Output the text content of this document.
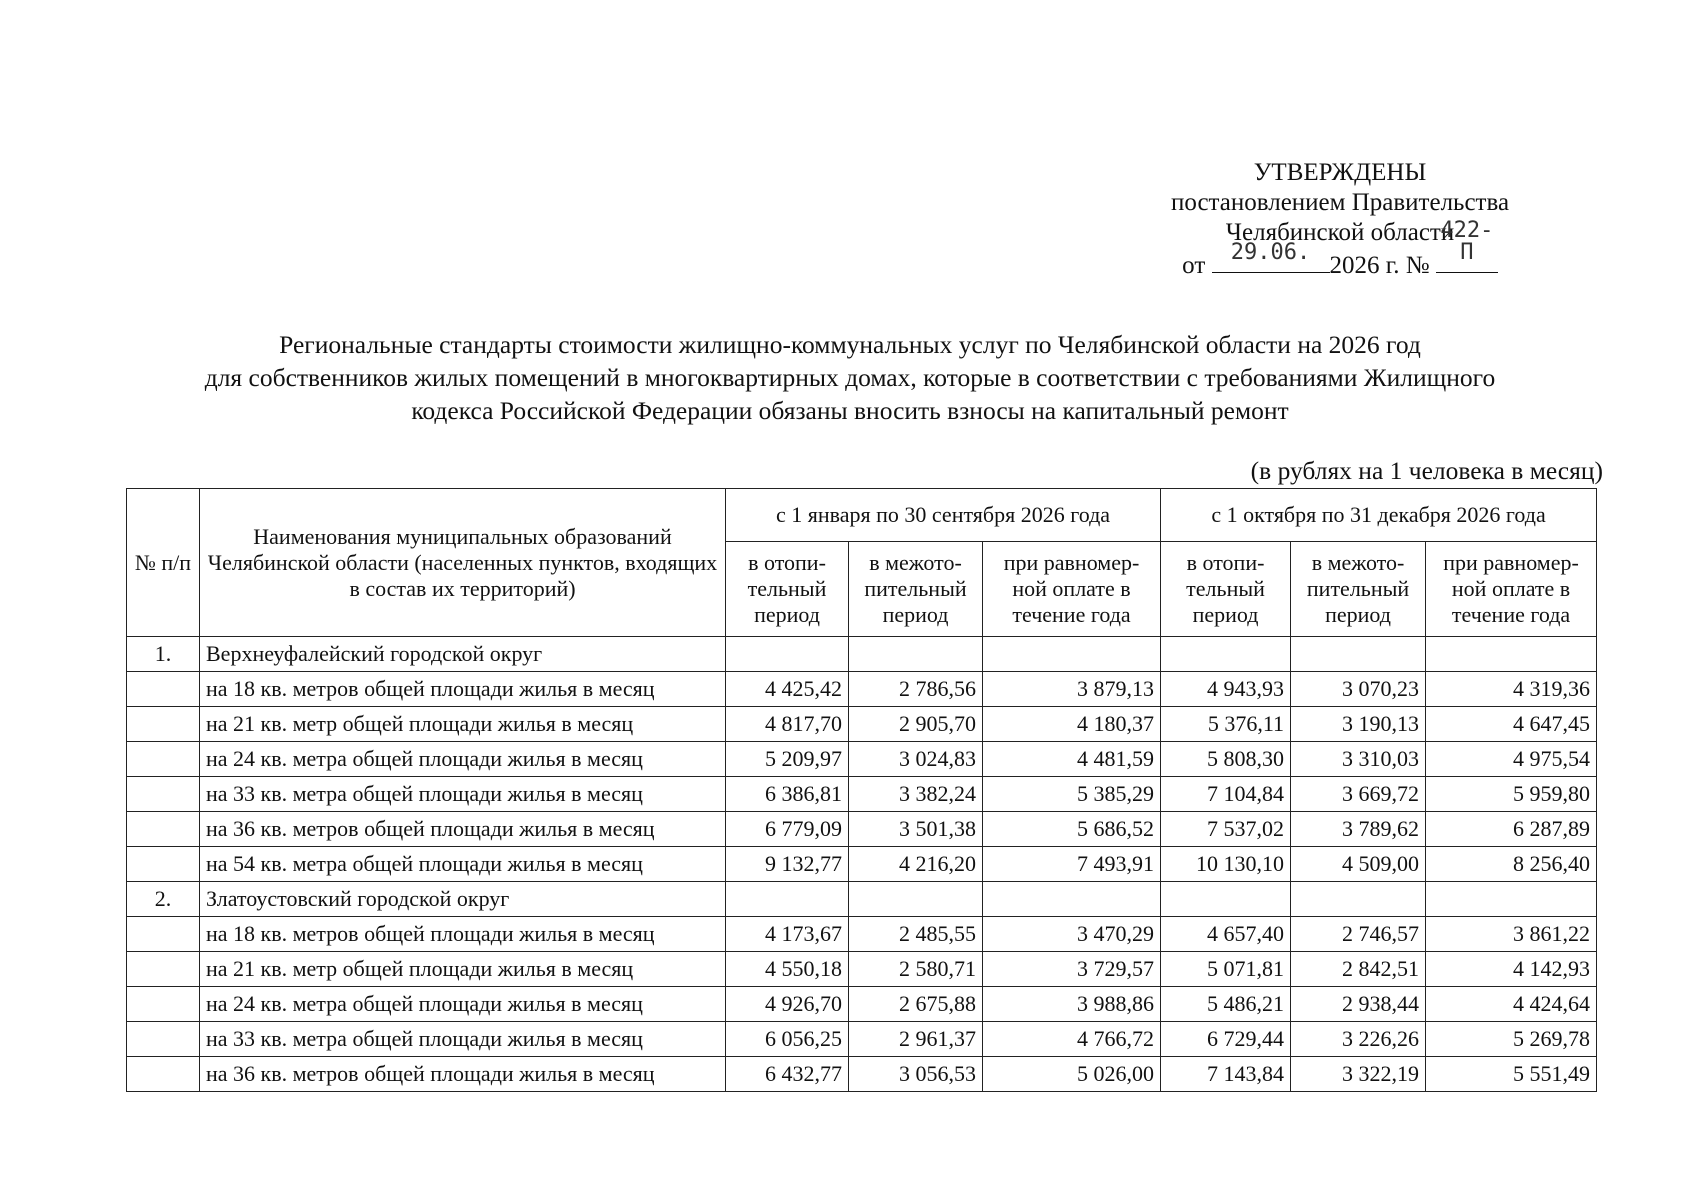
УТВЕРЖДЕНЫ
постановлением Правительства
Челябинской области
от	29.06. 2026 г. №
422-П
Региональные стандарты стоимости жилищно-коммунальных услуг по Челябинской области на 2026 год
для собственников жилых помещений в многоквартирных домах, которые в соответствии с требованиями Жилищного
кодекса Российской Федерации обязаны вносить взносы на капитальный ремонт
(в рублях на 1 человека в месяц)
№ п/п	Наименования муниципальных образований Челябинской области (населенных пунктов, входящих в состав их территорий)	с 1 января по 30 сентября 2026 года			с 1 октября по 31 декабря 2026 года		
		в отопи-тельный период	в межото-пительный период	при равномер-ной оплате в течение года	в отопи-тельный период	в межото-пительный период	при равномер-ной оплате в течение года
1.	Верхнеуфалейский городской округ						
	на 18 кв. метров общей площади жилья в месяц	4 425,42	2 786,56	3 879,13	4 943,93	3 070,23	4 319,36
	на 21 кв. метр общей площади жилья в месяц	4 817,70	2 905,70	4 180,37	5 376,11	3 190,13	4 647,45
	на 24 кв. метра общей площади жилья в месяц	5 209,97	3 024,83	4 481,59	5 808,30	3 310,03	4 975,54
	на 33 кв. метра общей площади жилья в месяц	6 386,81	3 382,24	5 385,29	7 104,84	3 669,72	5 959,80
	на 36 кв. метров общей площади жилья в месяц	6 779,09	3 501,38	5 686,52	7 537,02	3 789,62	6 287,89
	на 54 кв. метра общей площади жилья в месяц	9 132,77	4 216,20	7 493,91	10 130,10	4 509,00	8 256,40
2.	Златоустовский городской округ						
	на 18 кв. метров общей площади жилья в месяц	4 173,67	2 485,55	3 470,29	4 657,40	2 746,57	3 861,22
	на 21 кв. метр общей площади жилья в месяц	4 550,18	2 580,71	3 729,57	5 071,81	2 842,51	4 142,93
	на 24 кв. метра общей площади жилья в месяц	4 926,70	2 675,88	3 988,86	5 486,21	2 938,44	4 424,64
	на 33 кв. метра общей площади жилья в месяц	6 056,25	2 961,37	4 766,72	6 729,44	3 226,26	5 269,78
	на 36 кв. метров общей площади жилья в месяц	6 432,77	3 056,53	5 026,00	7 143,84	3 322,19	5 551,49
